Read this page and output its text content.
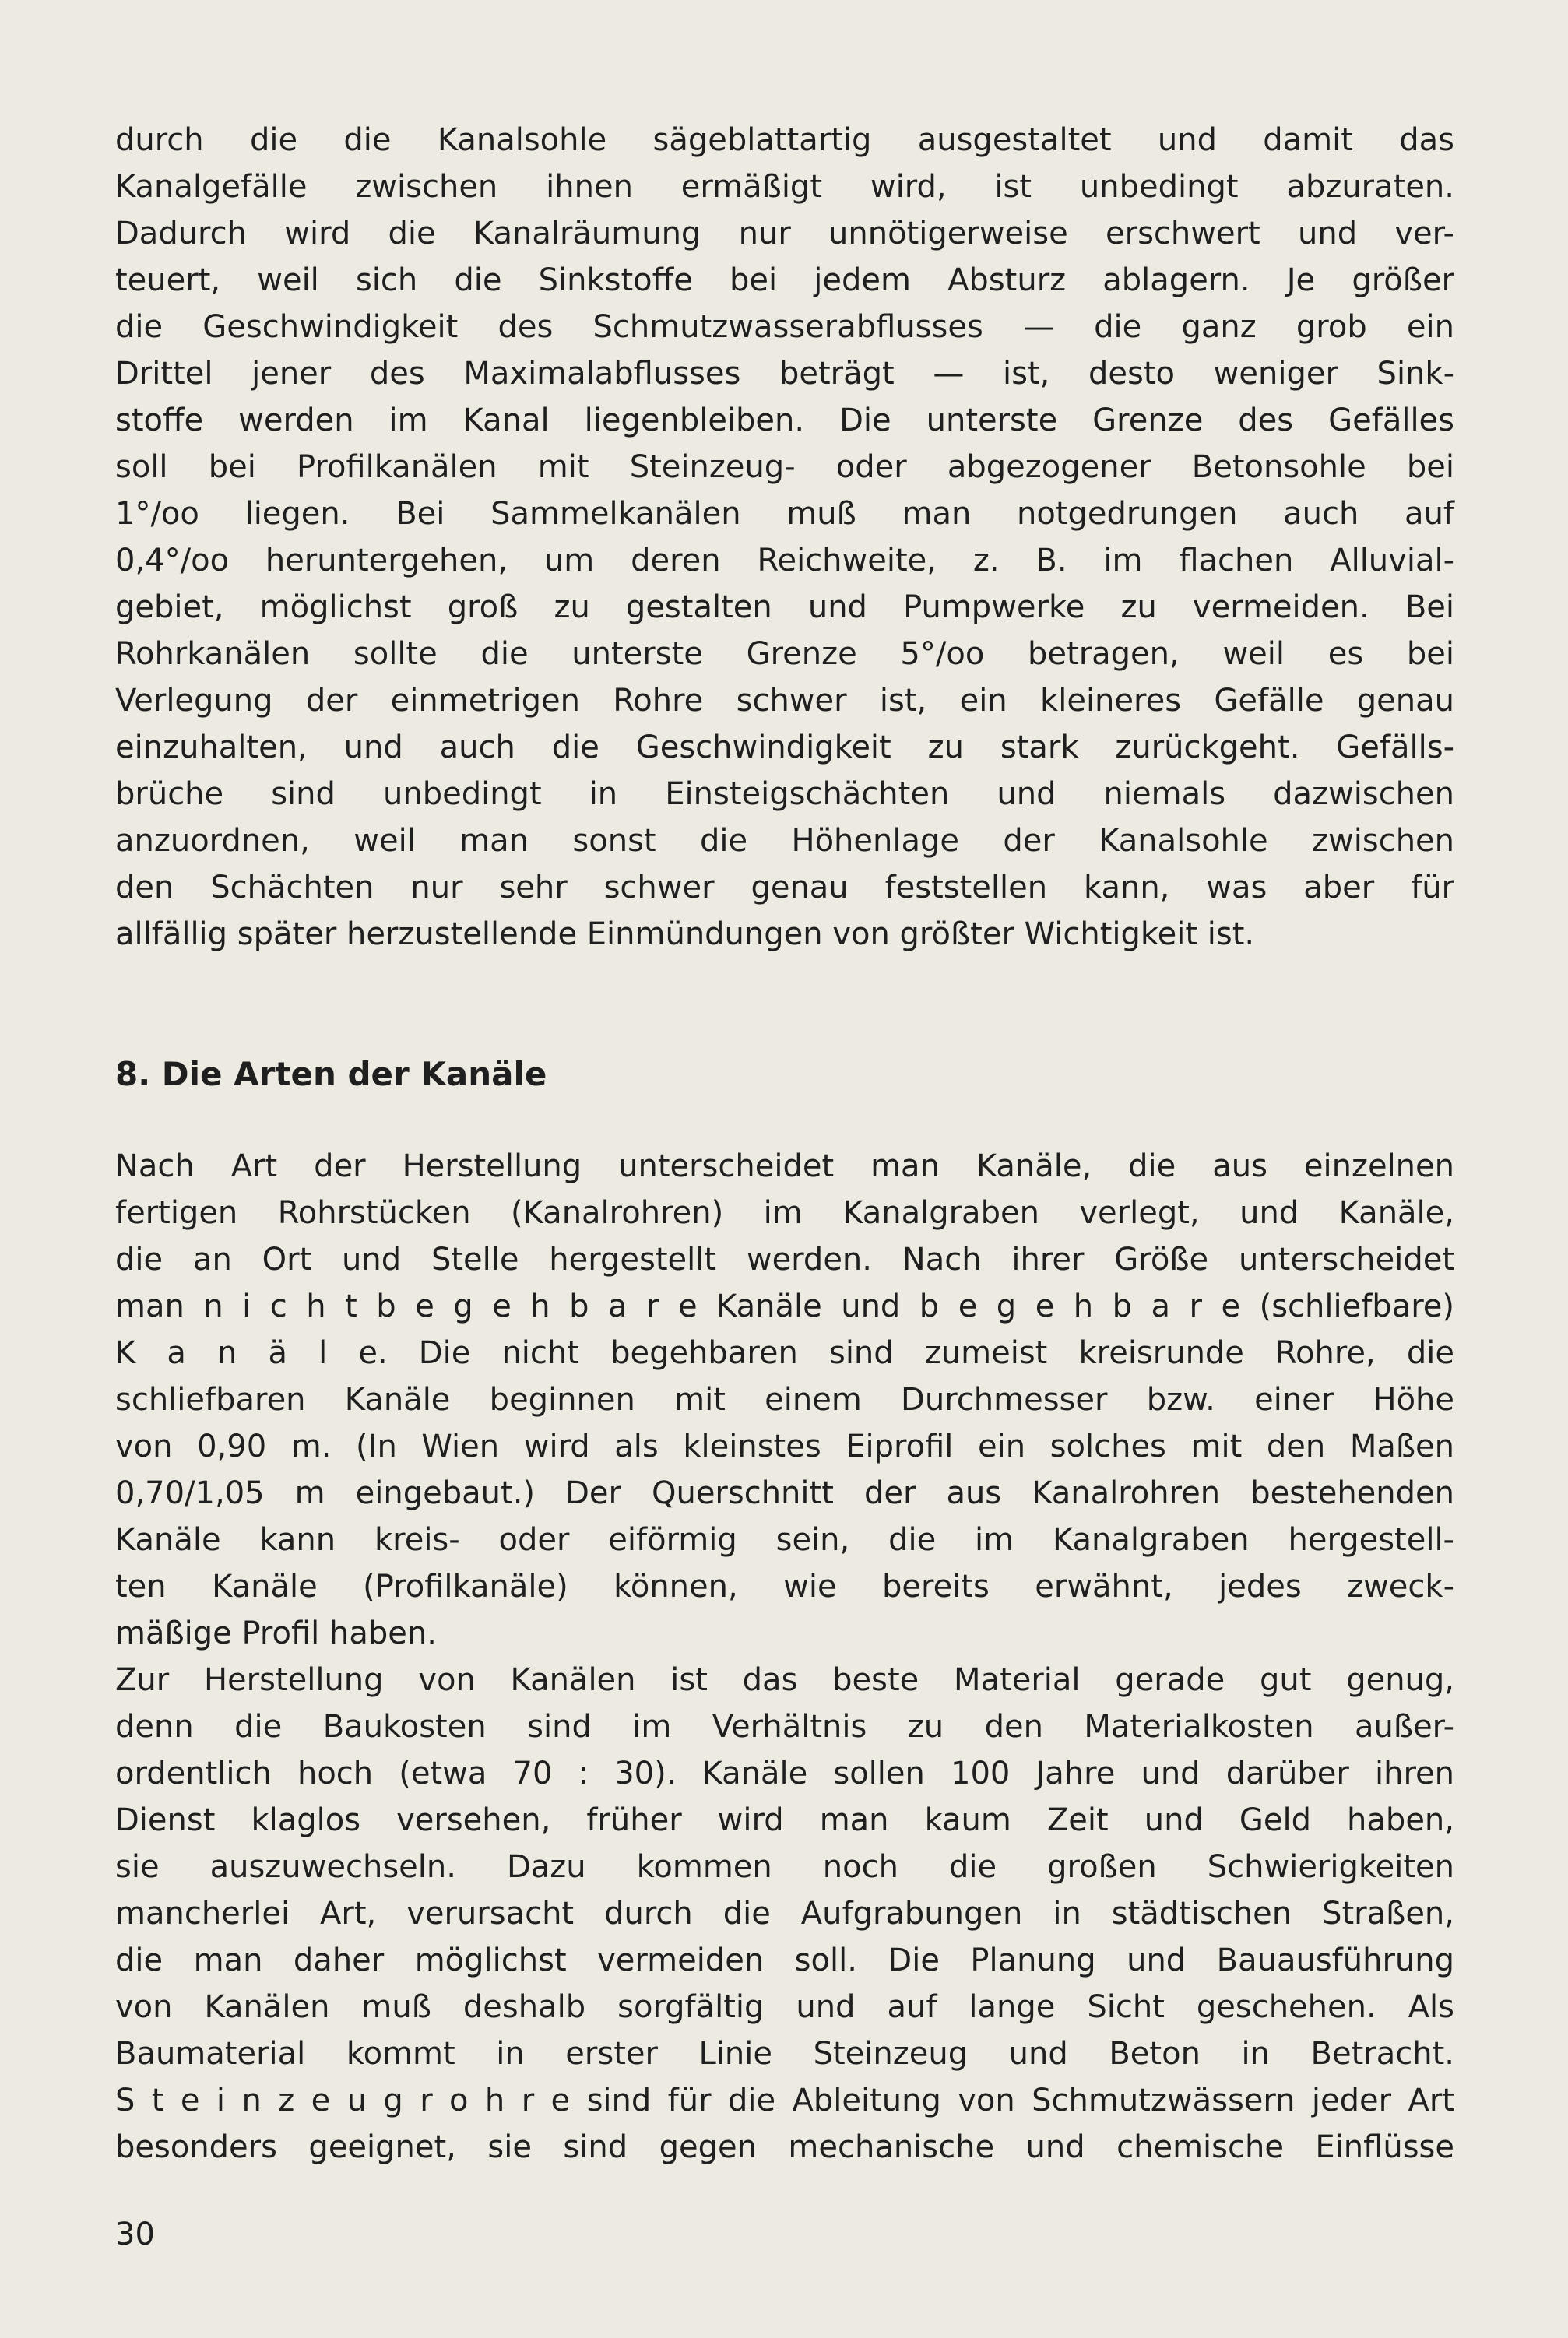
durch die die Kanalsohle sägeblattartig ausgestaltet und damit das
Kanalgefälle zwischen ihnen ermäßigt wird, ist unbedingt abzuraten.
Dadurch wird die Kanalräumung nur unnötigerweise erschwert und ver-
teuert, weil sich die Sinkstoffe bei jedem Absturz ablagern. Je größer
die Geschwindigkeit des Schmutzwasserabflusses — die ganz grob ein
Drittel jener des Maximalabflusses beträgt — ist, desto weniger Sink-
stoffe werden im Kanal liegenbleiben. Die unterste Grenze des Gefälles
soll bei Profilkanälen mit Steinzeug- oder abgezogener Betonsohle bei
1°/oo liegen. Bei Sammelkanälen muß man notgedrungen auch auf
0,4°/oo heruntergehen, um deren Reichweite, z. B. im flachen Alluvial-
gebiet, möglichst groß zu gestalten und Pumpwerke zu vermeiden. Bei
Rohrkanälen sollte die unterste Grenze 5°/oo betragen, weil es bei
Verlegung der einmetrigen Rohre schwer ist, ein kleineres Gefälle genau
einzuhalten, und auch die Geschwindigkeit zu stark zurückgeht. Gefälls-
brüche sind unbedingt in Einsteigschächten und niemals dazwischen
anzuordnen, weil man sonst die Höhenlage der Kanalsohle zwischen
den Schächten nur sehr schwer genau feststellen kann, was aber für
allfällig später herzustellende Einmündungen von größter Wichtigkeit ist.
8. Die Arten der Kanäle
Nach Art der Herstellung unterscheidet man Kanäle, die aus einzelnen
fertigen Rohrstücken (Kanalrohren) im Kanalgraben verlegt, und Kanäle,
die an Ort und Stelle hergestellt werden. Nach ihrer Größe unterscheidet
man n i c h t b e g e h b a r e Kanäle und b e g e h b a r e (schliefbare)
K a n ä l e. Die nicht begehbaren sind zumeist kreisrunde Rohre, die
schliefbaren Kanäle beginnen mit einem Durchmesser bzw. einer Höhe
von 0,90 m. (In Wien wird als kleinstes Eiprofil ein solches mit den Maßen
0,70/1,05 m eingebaut.) Der Querschnitt der aus Kanalrohren bestehenden
Kanäle kann kreis- oder eiförmig sein, die im Kanalgraben hergestell-
ten Kanäle (Profilkanäle) können, wie bereits erwähnt, jedes zweck-
mäßige Profil haben.
Zur Herstellung von Kanälen ist das beste Material gerade gut genug,
denn die Baukosten sind im Verhältnis zu den Materialkosten außer-
ordentlich hoch (etwa 70 : 30). Kanäle sollen 100 Jahre und darüber ihren
Dienst klaglos versehen, früher wird man kaum Zeit und Geld haben,
sie auszuwechseln. Dazu kommen noch die großen Schwierigkeiten
mancherlei Art, verursacht durch die Aufgrabungen in städtischen Straßen,
die man daher möglichst vermeiden soll. Die Planung und Bauausführung
von Kanälen muß deshalb sorgfältig und auf lange Sicht geschehen. Als
Baumaterial kommt in erster Linie Steinzeug und Beton in Betracht.
S t e i n z e u g r o h r e sind für die Ableitung von Schmutzwässern jeder Art
besonders geeignet, sie sind gegen mechanische und chemische Einflüsse
30
